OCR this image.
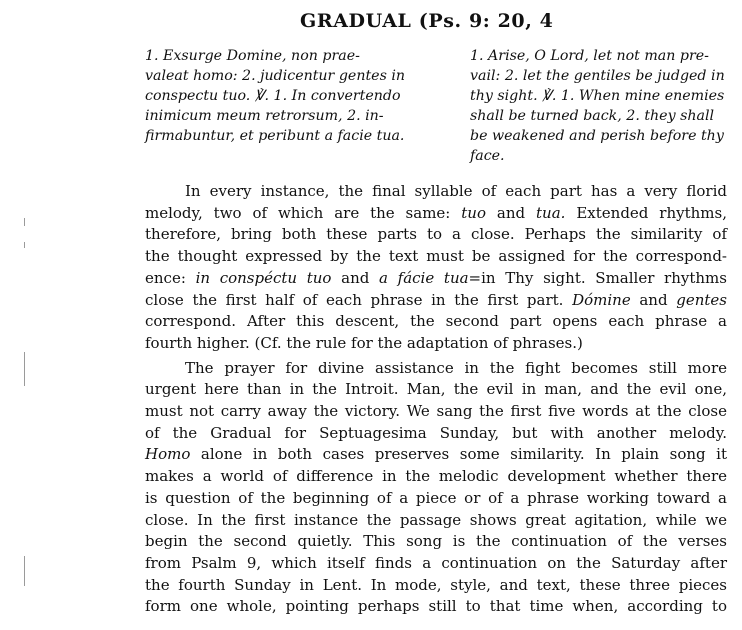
GRADUAL (Ps. 9: 20, 4
1. Exsurge Domine, non prae-
valeat homo: 2. judicentur gentes in
conspectu tuo. ℣. 1. In convertendo
inimicum meum retrorsum, 2. in-
firmabuntur, et peribunt a facie tua.
1. Arise, O Lord, let not man pre-
vail: 2. let the gentiles be judged in
thy sight. ℣. 1. When mine enemies
shall be turned back, 2. they shall
be weakened and perish before thy
face.
In every instance, the final syllable of each part has a very florid
melody, two of which are the same: tuo and tua. Extended rhythms,
therefore, bring both these parts to a close. Perhaps the similarity of
the thought expressed by the text must be assigned for the correspond-
ence: in conspéctu tuo and a fácie tua=in Thy sight. Smaller rhythms
close the first half of each phrase in the first part. Dómine and gentes
correspond. After this descent, the second part opens each phrase a
fourth higher. (Cf. the rule for the adaptation of phrases.)
The prayer for divine assistance in the fight becomes still more
urgent here than in the Introit. Man, the evil in man, and the evil one,
must not carry away the victory. We sang the first five words at the close
of the Gradual for Septuagesima Sunday, but with another melody.
Homo alone in both cases preserves some similarity. In plain song it
makes a world of difference in the melodic development whether there
is question of the beginning of a piece or of a phrase working toward a
close. In the first instance the passage shows great agitation, while we
begin the second quietly. This song is the continuation of the verses
from Psalm 9, which itself finds a continuation on the Saturday after
the fourth Sunday in Lent. In mode, style, and text, these three pieces
form one whole, pointing perhaps still to that time when, according to
